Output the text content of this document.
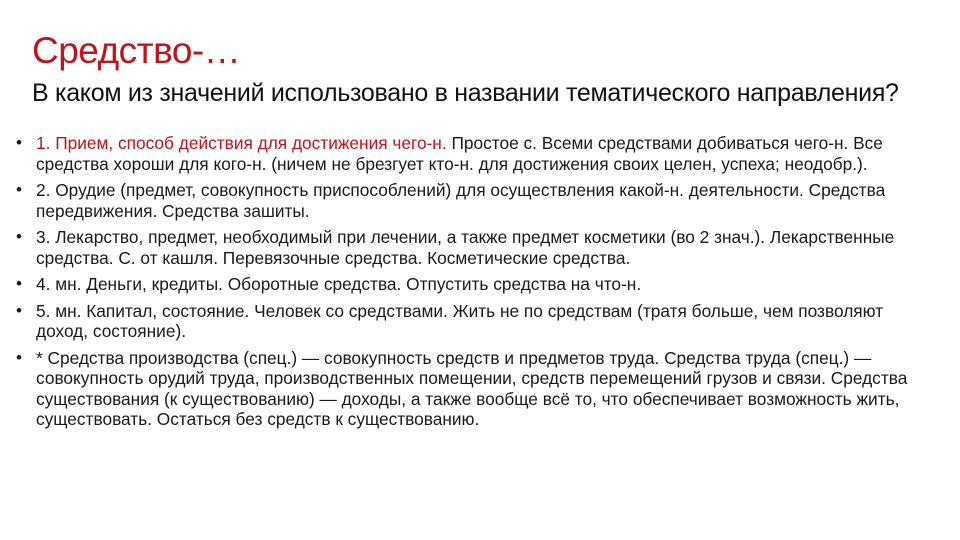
Средство-…
В каком из значений использовано в названии тематического направления?
• 1. Прием, способ действия для достижения чего-н. Простое с. Всеми средствами добиваться чего-н. Все средства хороши для кого-н. (ничем не брезгует кто-н. для достижения своих целен, успеха; неодобр.).
• 2. Орудие (предмет, совокупность приспособлений) для осуществления какой-н. деятельности. Средства передвижения. Средства зашиты.
• 3. Лекарство, предмет, необходимый при лечении, а также предмет косметики (во 2 знач.). Лекарственные средства. С. от кашля. Перевязочные средства. Косметические средства.
• 4. мн. Деньги, кредиты. Оборотные средства. Отпустить средства на что-н.
• 5. мн. Капитал, состояние. Человек со средствами. Жить не по средствам (тратя больше, чем позволяют доход, состояние).
• * Средства производства (спец.) — совокупность средств и предметов труда. Средства труда (спец.) — совокупность орудий труда, производственных помещении, средств перемещений грузов и связи. Средства существования (к существованию) — доходы, а также вообще всё то, что обеспечивает возможность жить, существовать. Остаться без средств к существованию.
